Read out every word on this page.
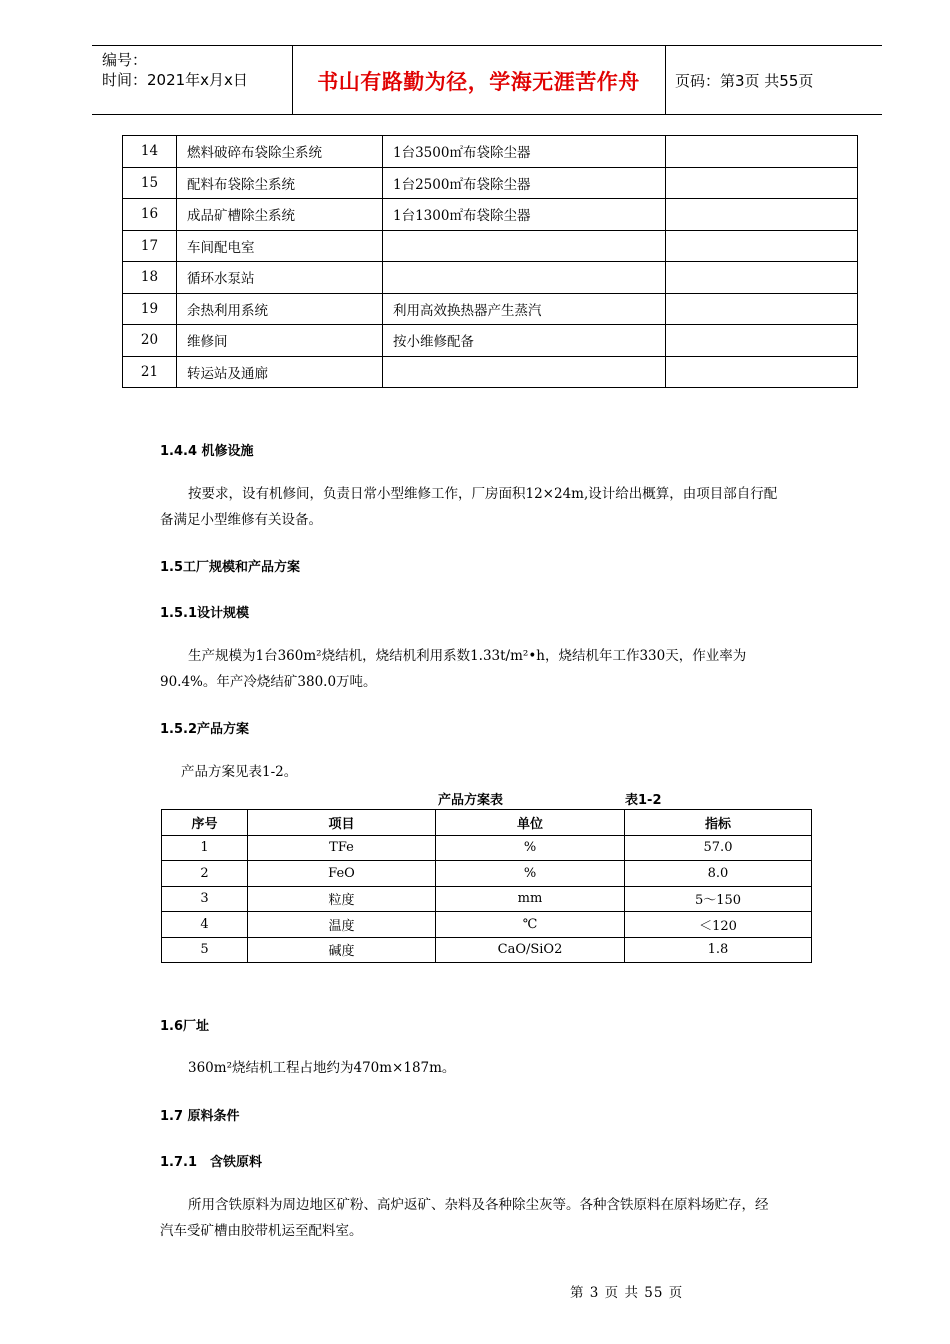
编号：
时间：2021年x月x日	书山有路勤为径，学海无涯苦作舟	页码：第3页 共55页
14	燃料破碎布袋除尘系统	1台3500㎡布袋除尘器	
15	配料布袋除尘系统	1台2500㎡布袋除尘器	
16	成品矿槽除尘系统	1台1300㎡布袋除尘器	
17	车间配电室		
18	循环水泵站		
19	余热利用系统	利用高效换热器产生蒸汽	
20	维修间	按小维修配备	
21	转运站及通廊		
1.4.4 机修设施
按要求，设有机修间，负责日常小型维修工作，厂房面积12×24m,设计给出概算，由项目部自行配
备满足小型维修有关设备。
1.5工厂规模和产品方案
1.5.1设计规模
生产规模为1台360m²烧结机，烧结机利用系数1.33t/m²•h，烧结机年工作330天，作业率为
90.4%。年产冷烧结矿380.0万吨。
1.5.2产品方案
产品方案见表1-2。
产品方案表	表1-2
序号	项目	单位	指标
1	TFe	%	57.0
2	FeO	%	8.0
3	粒度	mm	5～150
4	温度	℃	＜120
5	碱度	CaO/SiO2	1.8
1.6厂址
360m²烧结机工程占地约为470m×187m。
1.7 原料条件
1.7.1　含铁原料
所用含铁原料为周边地区矿粉、高炉返矿、杂料及各种除尘灰等。各种含铁原料在原料场贮存，经
汽车受矿槽由胶带机运至配料室。
第 3 页 共 55 页
